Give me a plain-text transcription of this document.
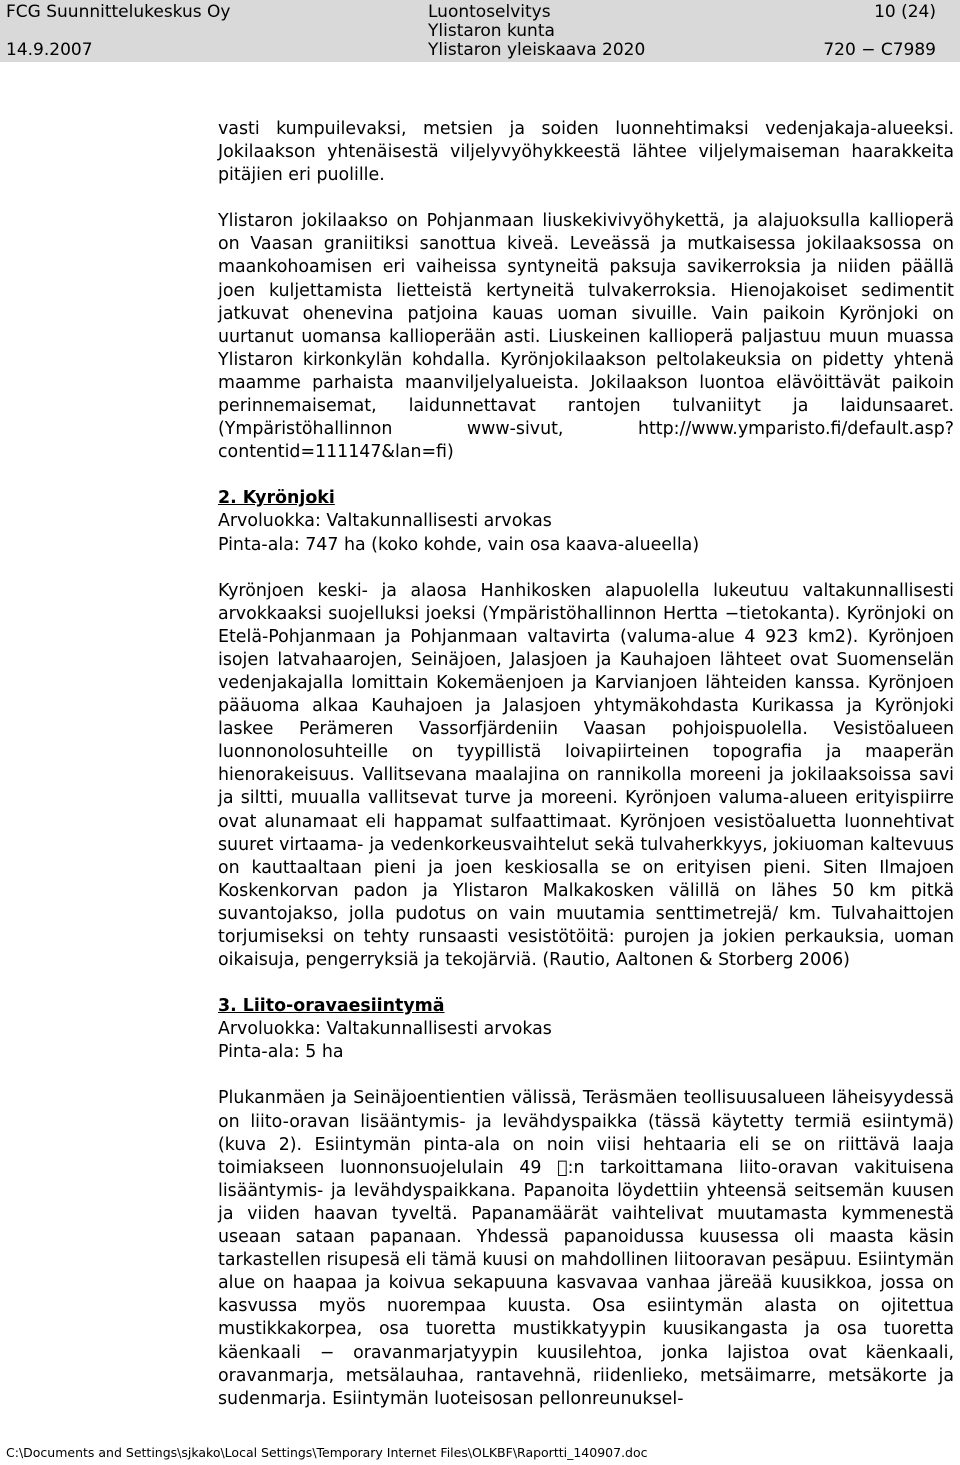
FCG Suunnittelukeskus Oy	Luontoselvitys	10 (24)
Ylistaron kunta
14.9.2007	Ylistaron yleiskaava 2020	720 − C7989

vasti kumpuilevaksi, metsien ja soiden luonnehtimaksi vedenjakaja-alueeksi. Jokilaakson yhtenäisestä viljelyvyöhykkeestä lähtee viljelymaiseman haarakkeita pitäjien eri puolille.

Ylistaron jokilaakso on Pohjanmaan liuskekivivyöhykettä, ja alajuoksulla kallioperä on Vaasan graniitiksi sanottua kiveä. Leveässä ja mutkaisessa jokilaaksossa on maankohoamisen eri vaiheissa syntyneitä paksuja savikerroksia ja niiden päällä joen kuljettamista lietteistä kertyneitä tulvakerroksia. Hienojakoiset sedimentit jatkuvat ohenevina patjoina kauas uoman sivuille. Vain paikoin Kyrönjoki on uurtanut uomansa kallioperään asti. Liuskeinen kallioperä paljastuu muun muassa Ylistaron kirkonkylän kohdalla. Kyrönjokilaakson peltolakeuksia on pidetty yhtenä maamme parhaista maanviljelyalueista. Jokilaakson luontoa elävöittävät paikoin perinnemaisemat, laidunnettavat rantojen tulvaniityt ja laidunsaaret. (Ympäristöhallinnon www-sivut, http://www.ymparisto.fi/default.asp?contentid=111147&lan=fi)

2. Kyrönjoki

Arvoluokka: Valtakunnallisesti arvokas

Pinta-ala: 747 ha (koko kohde, vain osa kaava-alueella)

Kyrönjoen keski- ja alaosa Hanhikosken alapuolella lukeutuu valtakunnallisesti arvokkaaksi suojelluksi joeksi (Ympäristöhallinnon Hertta −tietokanta). Kyrönjoki on Etelä-Pohjanmaan ja Pohjanmaan valtavirta (valuma-alue 4 923 km2). Kyrönjoen isojen latvahaarojen, Seinäjoen, Jalasjoen ja Kauhajoen lähteet ovat Suomenselän vedenjakajalla lomittain Kokemäenjoen ja Karvianjoen lähteiden kanssa. Kyrönjoen pääuoma alkaa Kauhajoen ja Jalasjoen yhtymäkohdasta Kurikassa ja Kyrönjoki laskee Perämeren Vassorfjärdeniin Vaasan pohjoispuolella. Vesistöalueen luonnonolosuhteille on tyypillistä loivapiirteinen topografia ja maaperän hienorakeisuus. Vallitsevana maalajina on rannikolla moreeni ja jokilaaksoissa savi ja siltti, muualla vallitsevat turve ja moreeni. Kyrönjoen valuma-alueen erityispiirre ovat alunamaat eli happamat sulfaattimaat. Kyrönjoen vesistöaluetta luonnehtivat suuret virtaama- ja vedenkorkeusvaihtelut sekä tulvaherkkyys, jokiuoman kaltevuus on kauttaaltaan pieni ja joen keskiosalla se on erityisen pieni. Siten Ilmajoen Koskenkorvan padon ja Ylistaron Malkakosken välillä on lähes 50 km pitkä suvantojakso, jolla pudotus on vain muutamia senttimetrejä/ km. Tulvahaittojen torjumiseksi on tehty runsaasti vesistötöitä: purojen ja jokien perkauksia, uoman oikaisuja, pengerryksiä ja tekojärviä. (Rautio, Aaltonen & Storberg 2006)

3. Liito-oravaesiintymä

Arvoluokka: Valtakunnallisesti arvokas

Pinta-ala: 5 ha

Plukanmäen ja Seinäjoentientien välissä, Teräsmäen teollisuusalueen läheisyydessä on liito-oravan lisääntymis- ja levähdyspaikka (tässä käytetty termiä esiintymä) (kuva 2). Esiintymän pinta-ala on noin viisi hehtaaria eli se on riittävä laaja toimiakseen luonnonsuojelulain 49 :n tarkoittamana liito-oravan vakituisena lisääntymis- ja levähdyspaikkana. Papanoita löydettiin yhteensä seitsemän kuusen ja viiden haavan tyveltä. Papanamäärät vaihtelivat muutamasta kymmenestä useaan sataan papanaan. Yhdessä papanoidussa kuusessa oli maasta käsin tarkastellen risupesä eli tämä kuusi on mahdollinen liitooravan pesäpuu. Esiintymän alue on haapaa ja koivua sekapuuna kasvavaa vanhaa järeää kuusikkoa, jossa on kasvussa myös nuorempaa kuusta. Osa esiintymän alasta on ojitettua mustikkakorpea, osa tuoretta mustikkatyypin kuusikangasta ja osa tuoretta käenkaali − oravanmarjatyypin kuusilehtoa, jonka lajistoa ovat käenkaali, oravanmarja, metsälauhaa, rantavehnä, riidenlieko, metsäimarre, metsäkorte ja sudenmarja. Esiintymän luoteisosan pellonreunuksel-

C:\Documents and Settings\sjkako\Local Settings\Temporary Internet Files\OLKBF\Raportti_140907.doc
